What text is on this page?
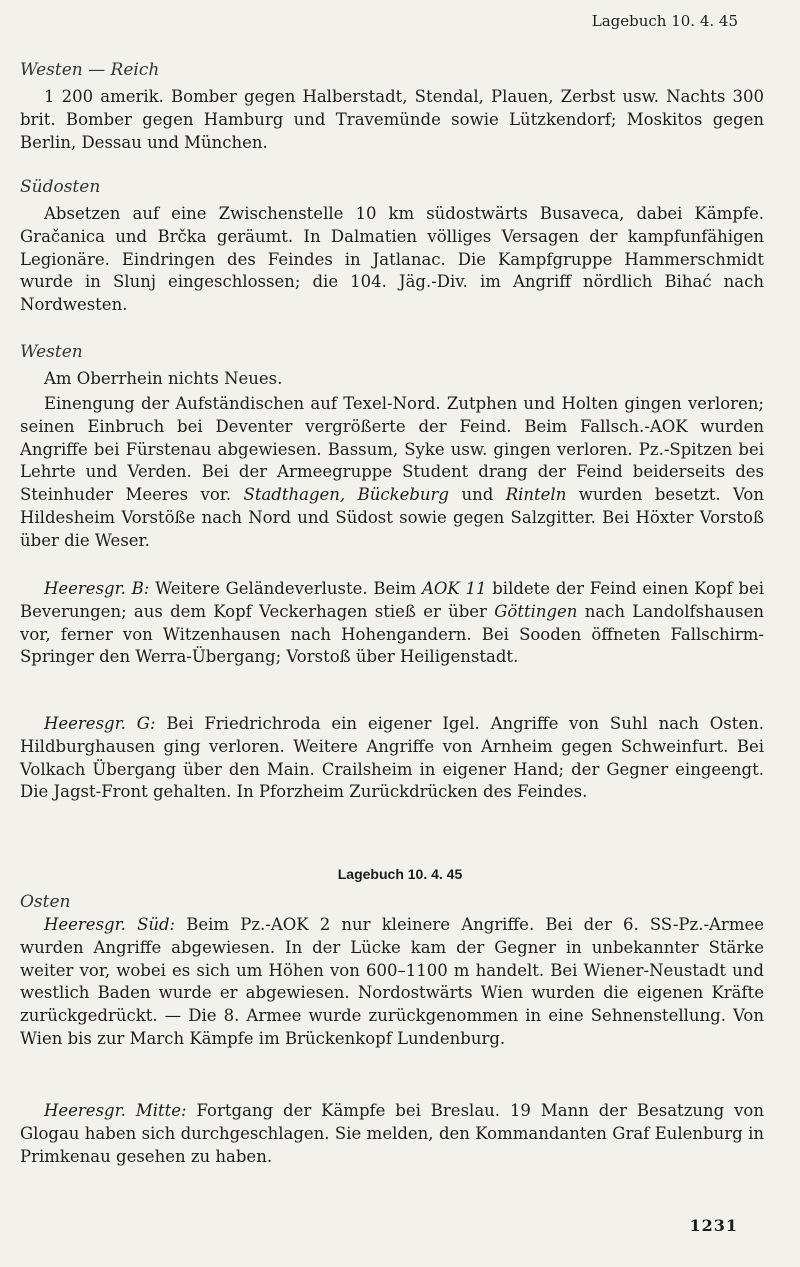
Lagebuch 10. 4. 45
Westen — Reich

1 200 amerik. Bomber gegen Halberstadt, Stendal, Plauen, Zerbst usw. Nachts 300 brit. Bomber gegen Hamburg und Travemünde sowie Lützkendorf; Moskitos gegen Berlin, Dessau und München.

Südosten

Absetzen auf eine Zwischenstelle 10 km südostwärts Busaveca, dabei Kämpfe. Gračanica und Brčka geräumt. In Dalmatien völliges Versagen der kampfunfähigen Legionäre. Eindringen des Feindes in Jatlanac. Die Kampfgruppe Hammerschmidt wurde in Slunj eingeschlossen; die 104. Jäg.-Div. im Angriff nördlich Bihać nach Nordwesten.

Westen

Am Oberrhein nichts Neues.

Einengung der Aufständischen auf Texel-Nord. Zutphen und Holten gingen verloren; seinen Einbruch bei Deventer vergrößerte der Feind. Beim Fallsch.-AOK wurden Angriffe bei Fürstenau abgewiesen. Bassum, Syke usw. gingen verloren. Pz.-Spitzen bei Lehrte und Verden. Bei der Armeegruppe Student drang der Feind beiderseits des Steinhuder Meeres vor. Stadthagen, Bückeburg und Rinteln wurden besetzt. Von Hildesheim Vorstöße nach Nord und Südost sowie gegen Salzgitter. Bei Höxter Vorstoß über die Weser.

Heeresgr. B: Weitere Geländeverluste. Beim AOK 11 bildete der Feind einen Kopf bei Beverungen; aus dem Kopf Veckerhagen stieß er über Göttingen nach Landolfshausen vor, ferner von Witzenhausen nach Hohengandern. Bei Sooden öffneten Fallschirm-Springer den Werra-Übergang; Vorstoß über Heiligenstadt.

Heeresgr. G: Bei Friedrichroda ein eigener Igel. Angriffe von Suhl nach Osten. Hildburghausen ging verloren. Weitere Angriffe von Arnheim gegen Schweinfurt. Bei Volkach Übergang über den Main. Crailsheim in eigener Hand; der Gegner eingeengt. Die Jagst-Front gehalten. In Pforzheim Zurückdrücken des Feindes.

Lagebuch 10. 4. 45
Osten

Heeresgr. Süd: Beim Pz.-AOK 2 nur kleinere Angriffe. Bei der 6. SS-Pz.-Armee wurden Angriffe abgewiesen. In der Lücke kam der Gegner in unbekannter Stärke weiter vor, wobei es sich um Höhen von 600–1100 m handelt. Bei Wiener-Neustadt und westlich Baden wurde er abgewiesen. Nordostwärts Wien wurden die eigenen Kräfte zurückgedrückt. — Die 8. Armee wurde zurückgenommen in eine Sehnenstellung. Von Wien bis zur March Kämpfe im Brückenkopf Lundenburg.

Heeresgr. Mitte: Fortgang der Kämpfe bei Breslau. 19 Mann der Besatzung von Glogau haben sich durchgeschlagen. Sie melden, den Kommandanten Graf Eulenburg in Primkenau gesehen zu haben.

1231
